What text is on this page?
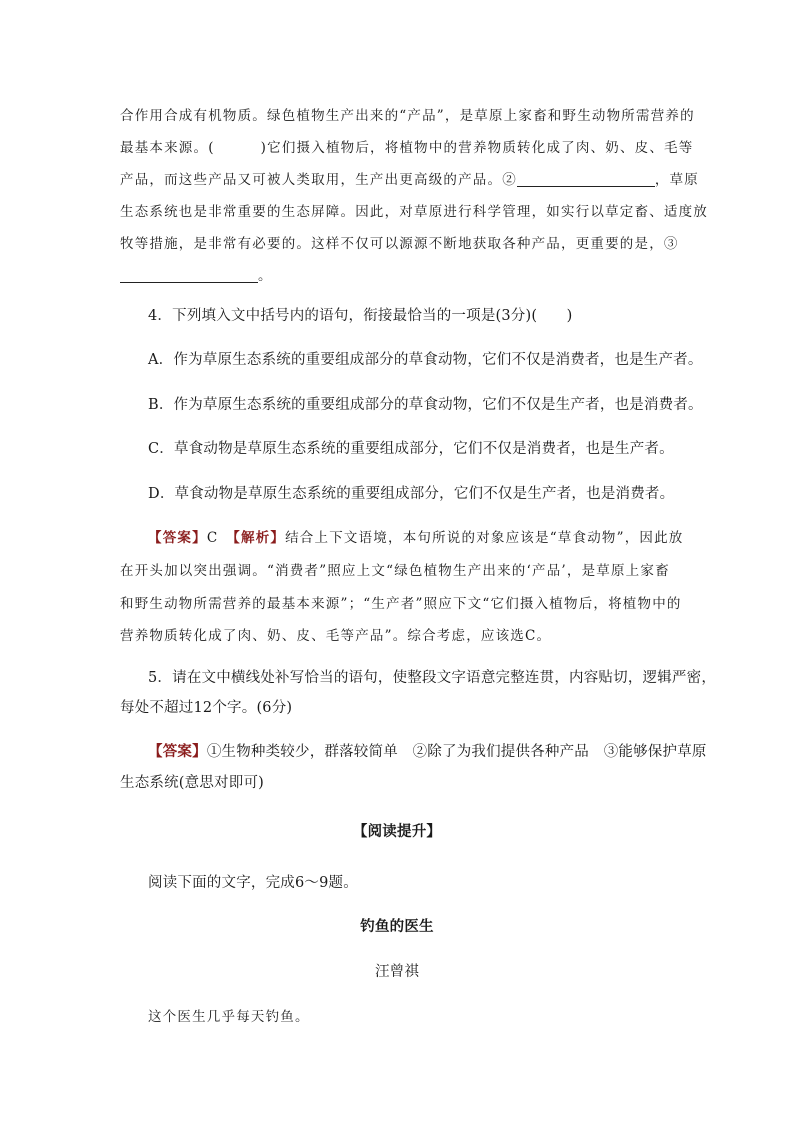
合作用合成有机物质。绿色植物生产出来的“产品”，是草原上家畜和野生动物所需营养的
最基本来源。(	)它们摄入植物后，将植物中的营养物质转化成了肉、奶、皮、毛等
产品，而这些产品又可被人类取用，生产出更高级的产品。②	，草原
生态系统也是非常重要的生态屏障。因此，对草原进行科学管理，如实行以草定畜、适度放
牧等措施，是非常有必要的。这样不仅可以源源不断地获取各种产品，更重要的是，③
。
4．下列填入文中括号内的语句，衔接最恰当的一项是(3分)(　　)
A．作为草原生态系统的重要组成部分的草食动物，它们不仅是消费者，也是生产者。
B．作为草原生态系统的重要组成部分的草食动物，它们不仅是生产者，也是消费者。
C．草食动物是草原生态系统的重要组成部分，它们不仅是消费者，也是生产者。
D．草食动物是草原生态系统的重要组成部分，它们不仅是生产者，也是消费者。
【答案】C　【解析】结合上下文语境，本句所说的对象应该是“草食动物”，因此放
在开头加以突出强调。“消费者”照应上文“绿色植物生产出来的‘产品’，是草原上家畜
和野生动物所需营养的最基本来源”；“生产者”照应下文“它们摄入植物后，将植物中的
营养物质转化成了肉、奶、皮、毛等产品”。综合考虑，应该选C。
5．请在文中横线处补写恰当的语句，使整段文字语意完整连贯，内容贴切，逻辑严密，
每处不超过12个字。(6分)
【答案】①生物种类较少，群落较简单　②除了为我们提供各种产品　③能够保护草原
生态系统(意思对即可)
【阅读提升】
阅读下面的文字，完成6～9题。
钓鱼的医生
汪曾祺
这个医生几乎每天钓鱼。
